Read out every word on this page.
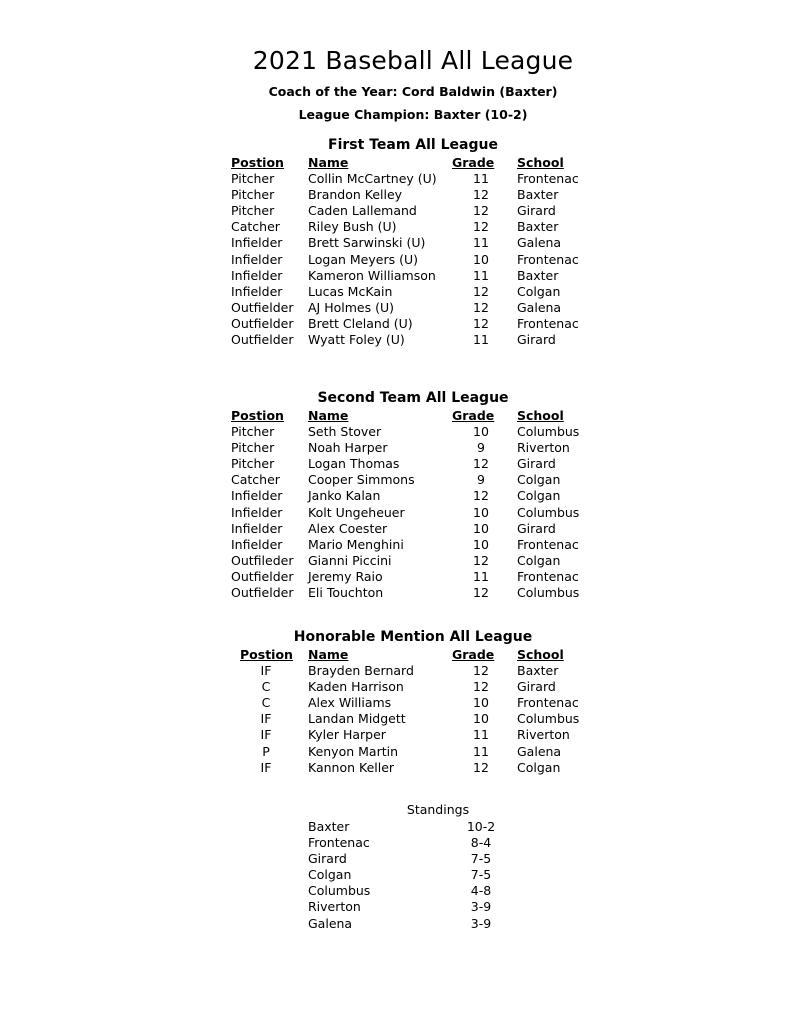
2021 Baseball All League

Coach of the Year: Cord Baldwin (Baxter)

League Champion: Baxter (10-2)

First Team All League
Postion Name	Grade School
Pitcher	Collin McCartney (U)	11	Frontenac
Pitcher	Brandon Kelley	12	Baxter
Pitcher	Caden Lallemand	12	Girard
Catcher Riley Bush (U)	12	Baxter
Infielder Brett Sarwinski (U)	11	Galena
Infielder Logan Meyers (U)	10	Frontenac
Infielder Kameron Williamson	11	Baxter
Infielder Lucas McKain	12	Colgan
Outfielder AJ Holmes (U)	12	Galena
Outfielder Brett Cleland (U)	12	Frontenac
Outfielder Wyatt Foley (U)	11	Girard
Second Team All League
Postion Name	Grade School
Pitcher	Seth Stover	10	Columbus
Pitcher	Noah Harper	9	Riverton
Pitcher	Logan Thomas	12	Girard
Catcher Cooper Simmons	9	Colgan
Infielder Janko Kalan	12	Colgan
Infielder Kolt Ungeheuer	10	Columbus
Infielder Alex Coester	10	Girard
Infielder Mario Menghini	10	Frontenac
Outfileder Gianni Piccini	12	Colgan
Outfielder Jeremy Raio	11	Frontenac
Outfielder Eli Touchton	12	Columbus
Honorable Mention All League
Postion Name	Grade School
IF	Brayden Bernard	12	Baxter
C	Kaden Harrison	12	Girard
C	Alex Williams	10	Frontenac
IF	Landan Midgett	10	Columbus
IF	Kyler Harper	11	Riverton
P	Kenyon Martin	11	Galena
IF	Kannon Keller	12	Colgan

Standings

Baxter	10-2
Frontenac	8-4
Girard	7-5
Colgan	7-5
Columbus	4-8
Riverton	3-9
Galena	3-9
